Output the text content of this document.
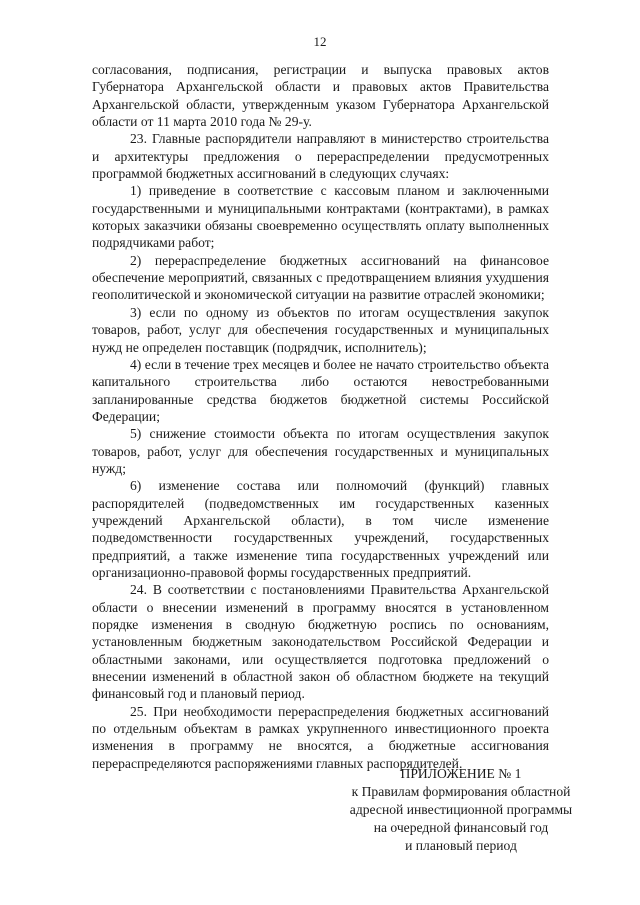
12

согласования, подписания, регистрации и выпуска правовых актов Губернатора Архангельской области и правовых актов Правительства Архангельской области, утвержденным указом Губернатора Архангельской области от 11 марта 2010 года № 29-у.

23. Главные распорядители направляют в министерство строительства и архитектуры предложения о перераспределении предусмотренных программой бюджетных ассигнований в следующих случаях:

1) приведение в соответствие с кассовым планом и заключенными государственными и муниципальными контрактами (контрактами), в рамках которых заказчики обязаны своевременно осуществлять оплату выполненных подрядчиками работ;

2) перераспределение бюджетных ассигнований на финансовое обеспечение мероприятий, связанных с предотвращением влияния ухудшения геополитической и экономической ситуации на развитие отраслей экономики;

3) если по одному из объектов по итогам осуществления закупок товаров, работ, услуг для обеспечения государственных и муниципальных нужд не определен поставщик (подрядчик, исполнитель);

4) если в течение трех месяцев и более не начато строительство объекта капитального строительства либо остаются невостребованными запланированные средства бюджетов бюджетной системы Российской Федерации;

5) снижение стоимости объекта по итогам осуществления закупок товаров, работ, услуг для обеспечения государственных и муниципальных нужд;

6) изменение состава или полномочий (функций) главных распорядителей (подведомственных им государственных казенных учреждений Архангельской области), в том числе изменение подведомственности государственных учреждений, государственных предприятий, а также изменение типа государственных учреждений или организационно-правовой формы государственных предприятий.

24. В соответствии с постановлениями Правительства Архангельской области о внесении изменений в программу вносятся в установленном порядке изменения в сводную бюджетную роспись по основаниям, установленным бюджетным законодательством Российской Федерации и областными законами, или осуществляется подготовка предложений о внесении изменений в областной закон об областном бюджете на текущий финансовый год и плановый период.

25. При необходимости перераспределения бюджетных ассигнований по отдельным объектам в рамках укрупненного инвестиционного проекта изменения в программу не вносятся, а бюджетные ассигнования перераспределяются распоряжениями главных распорядителей.

ПРИЛОЖЕНИЕ № 1

к Правилам формирования областной

адресной инвестиционной программы

на очередной финансовый год

и плановый период
